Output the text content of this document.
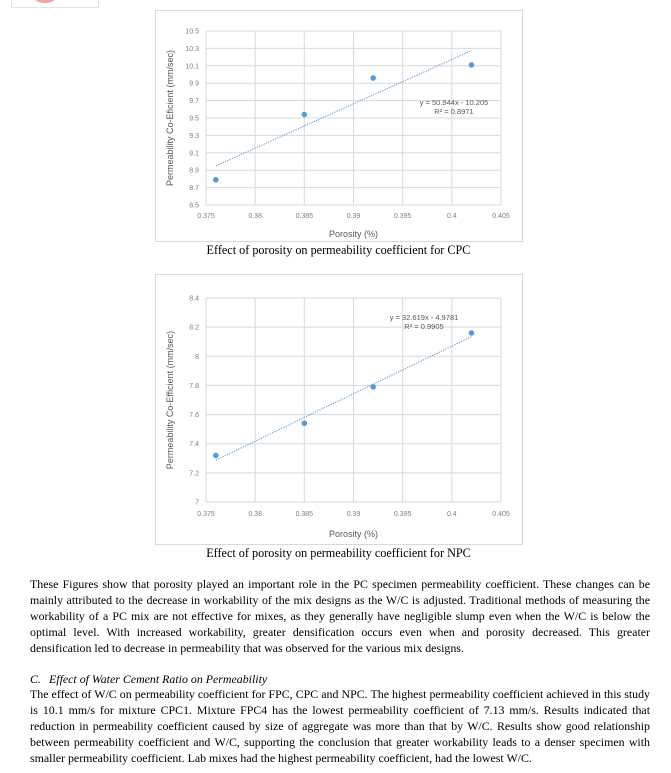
8.5
8.7
8.9
9.1
9.3
9.5
9.7
9.9
10.1
10.3
10.5
0.375	0.38	0.385	0.39	0.395	0.4	0.405
Porosity (%)
Permeability Co-Eficient (mm/sec)	y = 50.944x - 10.205
R² = 0.8971
Effect of porosity on permeability coefficient for CPC
7
7.2
7.4
7.6
7.8
8
8.2
8.4
0.375	0.38	0.385	0.39	0.395	0.4	0.405
Porosity (%)
Permeability Co-Efficient (mm/sec)
y = 32.619x - 4.9781
R² = 0.9905
Effect of porosity on permeability coefficient for NPC

These Figures show that porosity played an important role in the PC specimen permeability coefficient. These changes can be mainly attributed to the decrease in workability of the mix designs as the W/C is adjusted. Traditional methods of measuring the workability of a PC mix are not effective for mixes, as they generally have negligible slump even when the W/C is below the optimal level. With increased workability, greater densification occurs even when and porosity decreased. This greater densification led to decrease in permeability that was observed for the various mix designs.

C. Effect of Water Cement Ratio on Permeability

The effect of W/C on permeability coefficient for FPC, CPC and NPC. The highest permeability coefficient achieved in this study is 10.1 mm/s for mixture CPC1. Mixture FPC4 has the lowest permeability coefficient of 7.13 mm/s. Results indicated that reduction in permeability coefficient caused by size of aggregate was more than that by W/C. Results show good relationship between permeability coefficient and W/C, supporting the conclusion that greater workability leads to a denser specimen with smaller permeability coefficient. Lab mixes had the highest permeability coefficient, had the lowest W/C.
